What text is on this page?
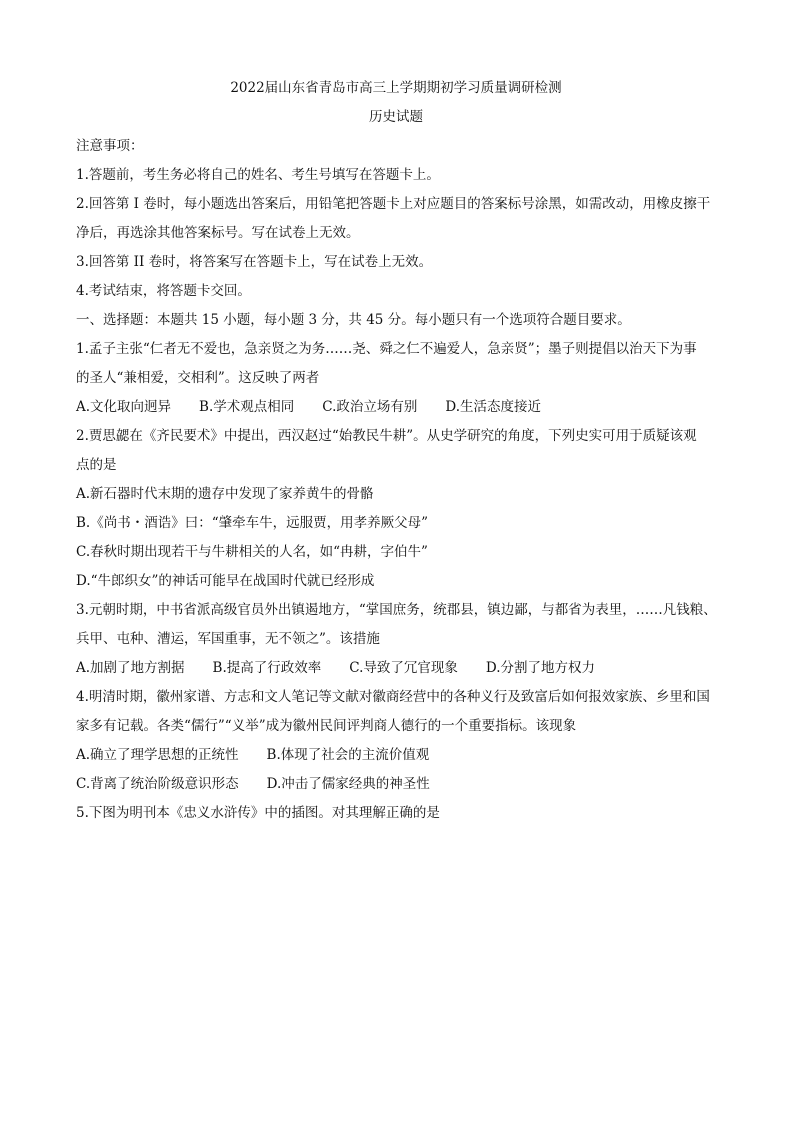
2022届山东省青岛市高三上学期期初学习质量调研检测

历史试题

注意事项：

1.答题前，考生务必将自己的姓名、考生号填写在答题卡上。

2.回答第 I 卷时，每小题选出答案后，用铅笔把答题卡上对应题目的答案标号涂黑，如需改动，用橡皮擦干

净后，再选涂其他答案标号。写在试卷上无效。

3.回答第 II 卷时，将答案写在答题卡上，写在试卷上无效。

4.考试结束，将答题卡交回。

一、选择题：本题共 15 小题，每小题 3 分，共 45 分。每小题只有一个选项符合题目要求。

1.孟子主张“仁者无不爱也，急亲贤之为务……尧、舜之仁不遍爱人，急亲贤”；墨子则提倡以治天下为事

的圣人“兼相爱，交相利”。这反映了两者

A.文化取向迥异 B.学术观点相同 C.政治立场有别 D.生活态度接近

2.贾思勰在《齐民要术》中提出，西汉赵过“始教民牛耕”。从史学研究的角度，下列史实可用于质疑该观

点的是

A.新石器时代末期的遗存中发现了家养黄牛的骨骼

B.《尚书・酒诰》曰：“肇牵车牛，远服贾，用孝养厥父母”

C.春秋时期出现若干与牛耕相关的人名，如“冉耕，字伯牛”

D.“牛郎织女”的神话可能早在战国时代就已经形成

3.元朝时期，中书省派高级官员外出镇遏地方，“掌国庶务，统郡县，镇边鄙，与都省为表里，……凡钱粮、

兵甲、屯种、漕运，军国重事，无不领之”。该措施

A.加剧了地方割据 B.提高了行政效率 C.导致了冗官现象 D.分割了地方权力

4.明清时期，徽州家谱、方志和文人笔记等文献对徽商经营中的各种义行及致富后如何报效家族、乡里和国

家多有记载。各类“儒行”“义举”成为徽州民间评判商人德行的一个重要指标。该现象

A.确立了理学思想的正统性 B.体现了社会的主流价值观
C.背离了统治阶级意识形态 D.冲击了儒家经典的神圣性

5.下图为明刊本《忠义水浒传》中的插图。对其理解正确的是
